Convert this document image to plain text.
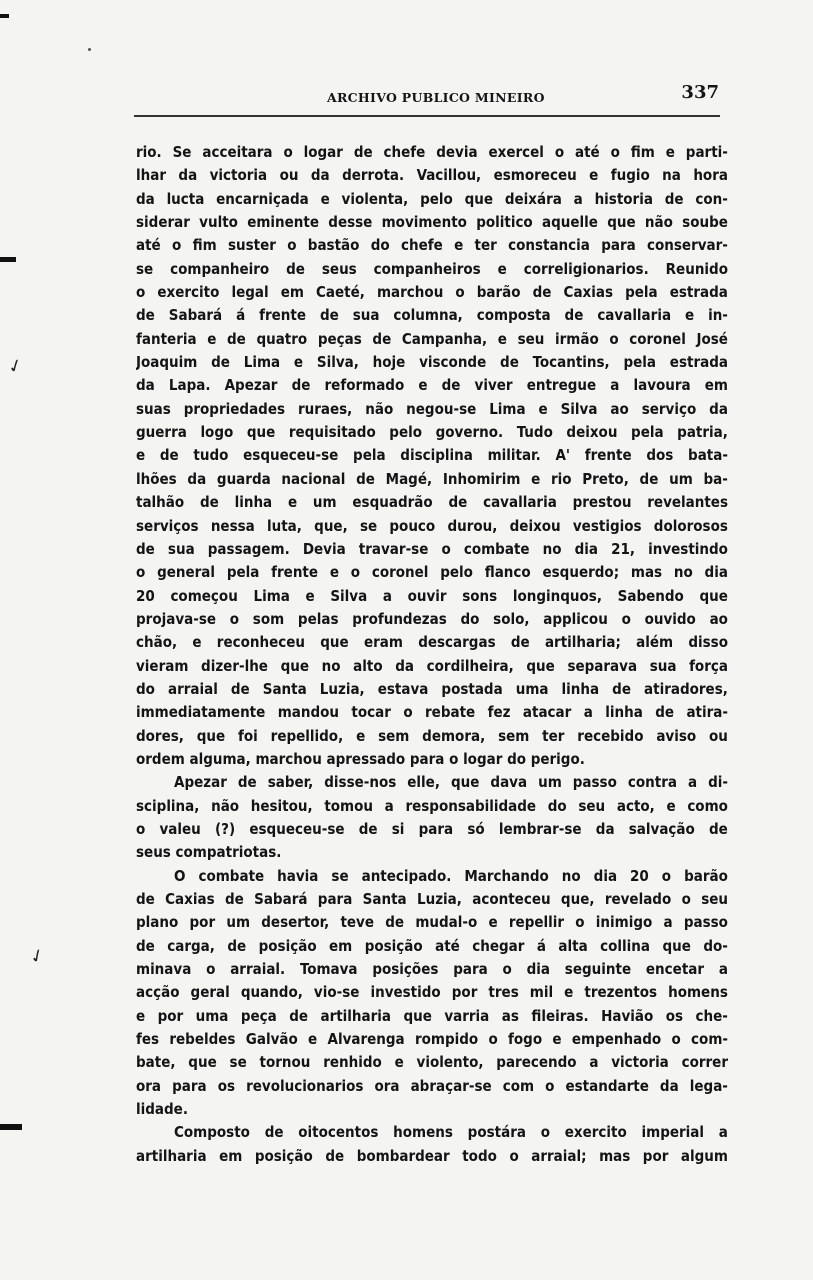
✓
✓
ARCHIVO PUBLICO MINEIRO	337
rio. Se acceitara o logar de chefe devia exercel o até o fim e parti-
lhar da victoria ou da derrota. Vacillou, esmoreceu e fugio na hora
da lucta encarniçada e violenta, pelo que deixára a historia de con-
siderar vulto eminente desse movimento politico aquelle que não soube
até o fim suster o bastão do chefe e ter constancia para conservar-
se companheiro de seus companheiros e correligionarios. Reunido
o exercito legal em Caeté, marchou o barão de Caxias pela estrada
de Sabará á frente de sua columna, composta de cavallaria e in-
fanteria e de quatro peças de Campanha, e seu irmão o coronel José
Joaquim de Lima e Silva, hoje visconde de Tocantins, pela estrada
da Lapa. Apezar de reformado e de viver entregue a lavoura em
suas propriedades ruraes, não negou-se Lima e Silva ao serviço da
guerra logo que requisitado pelo governo. Tudo deixou pela patria,
e de tudo esqueceu-se pela disciplina militar. A' frente dos bata-
lhões da guarda nacional de Magé, Inhomirim e rio Preto, de um ba-
talhão de linha e um esquadrão de cavallaria prestou revelantes
serviços nessa luta, que, se pouco durou, deixou vestigios dolorosos
de sua passagem. Devia travar-se o combate no dia 21, investindo
o general pela frente e o coronel pelo flanco esquerdo; mas no dia
20 começou Lima e Silva a ouvir sons longinquos, Sabendo que
projava-se o som pelas profundezas do solo, applicou o ouvido ao
chão, e reconheceu que eram descargas de artilharia; além disso
vieram dizer-lhe que no alto da cordilheira, que separava sua força
do arraial de Santa Luzia, estava postada uma linha de atiradores,
immediatamente mandou tocar o rebate fez atacar a linha de atira-
dores, que foi repellido, e sem demora, sem ter recebido aviso ou
ordem alguma, marchou apressado para o logar do perigo.
Apezar de saber, disse-nos elle, que dava um passo contra a di-
sciplina, não hesitou, tomou a responsabilidade do seu acto, e como
o valeu (?) esqueceu-se de si para só lembrar-se da salvação de
seus compatriotas.
O combate havia se antecipado. Marchando no dia 20 o barão
de Caxias de Sabará para Santa Luzia, aconteceu que, revelado o seu
plano por um desertor, teve de mudal-o e repellir o inimigo a passo
de carga, de posição em posição até chegar á alta collina que do-
minava o arraial. Tomava posições para o dia seguinte encetar a
acção geral quando, vio-se investido por tres mil e trezentos homens
e por uma peça de artilharia que varria as fileiras. Havião os che-
fes rebeldes Galvão e Alvarenga rompido o fogo e empenhado o com-
bate, que se tornou renhido e violento, parecendo a victoria correr
ora para os revolucionarios ora abraçar-se com o estandarte da lega-
lidade.
Composto de oitocentos homens postára o exercito imperial a
artilharia em posição de bombardear todo o arraial; mas por algum
